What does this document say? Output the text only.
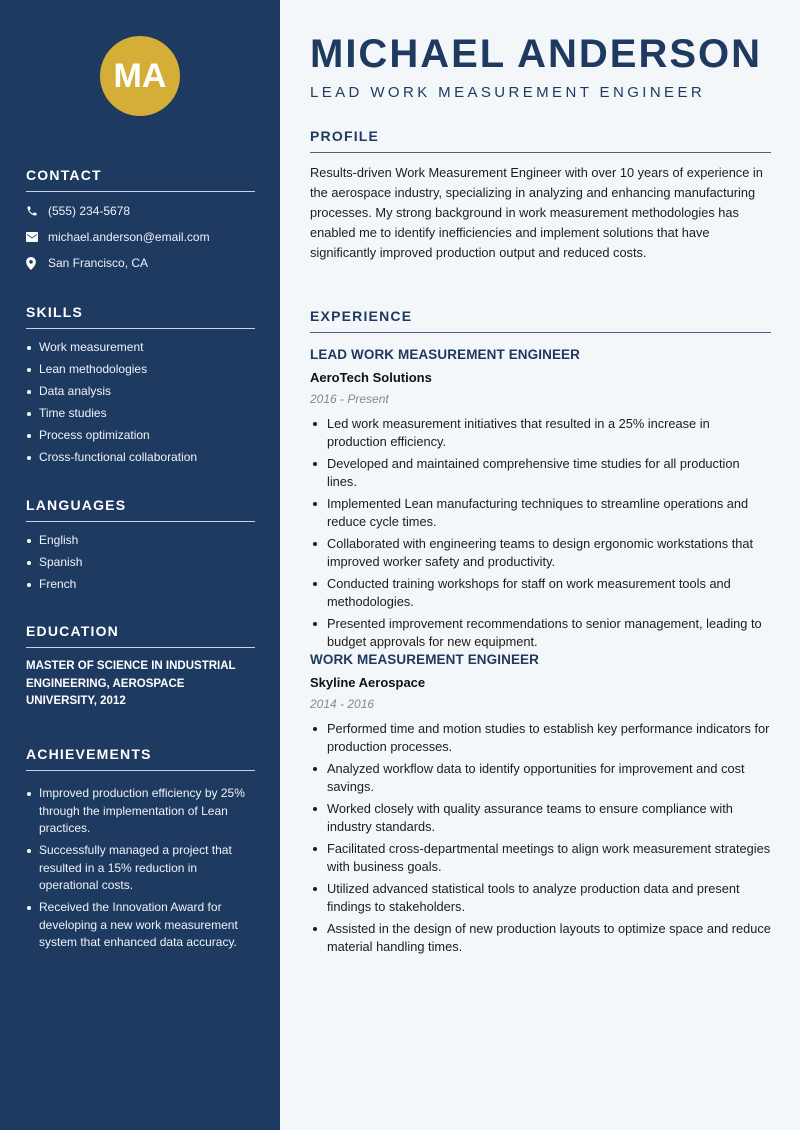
MA
CONTACT
(555) 234-5678
michael.anderson@email.com
San Francisco, CA
SKILLS
Work measurement
Lean methodologies
Data analysis
Time studies
Process optimization
Cross-functional collaboration
LANGUAGES
English
Spanish
French
EDUCATION

MASTER OF SCIENCE IN INDUSTRIAL ENGINEERING, AEROSPACE UNIVERSITY, 2012

ACHIEVEMENTS
Improved production efficiency by 25% through the implementation of Lean practices.
Successfully managed a project that resulted in a 15% reduction in operational costs.
Received the Innovation Award for developing a new work measurement system that enhanced data accuracy.
MICHAEL ANDERSON
LEAD WORK MEASUREMENT ENGINEER
PROFILE

Results-driven Work Measurement Engineer with over 10 years of experience in the aerospace industry, specializing in analyzing and enhancing manufacturing processes. My strong background in work measurement methodologies has enabled me to identify inefficiencies and implement solutions that have significantly improved production output and reduced costs.

EXPERIENCE
LEAD WORK MEASUREMENT ENGINEER
AeroTech Solutions
2016 - Present
Led work measurement initiatives that resulted in a 25% increase in production efficiency.
Developed and maintained comprehensive time studies for all production lines.
Implemented Lean manufacturing techniques to streamline operations and reduce cycle times.
Collaborated with engineering teams to design ergonomic workstations that improved worker safety and productivity.
Conducted training workshops for staff on work measurement tools and methodologies.
Presented improvement recommendations to senior management, leading to budget approvals for new equipment.
WORK MEASUREMENT ENGINEER
Skyline Aerospace
2014 - 2016
Performed time and motion studies to establish key performance indicators for production processes.
Analyzed workflow data to identify opportunities for improvement and cost savings.
Worked closely with quality assurance teams to ensure compliance with industry standards.
Facilitated cross-departmental meetings to align work measurement strategies with business goals.
Utilized advanced statistical tools to analyze production data and present findings to stakeholders.
Assisted in the design of new production layouts to optimize space and reduce material handling times.
